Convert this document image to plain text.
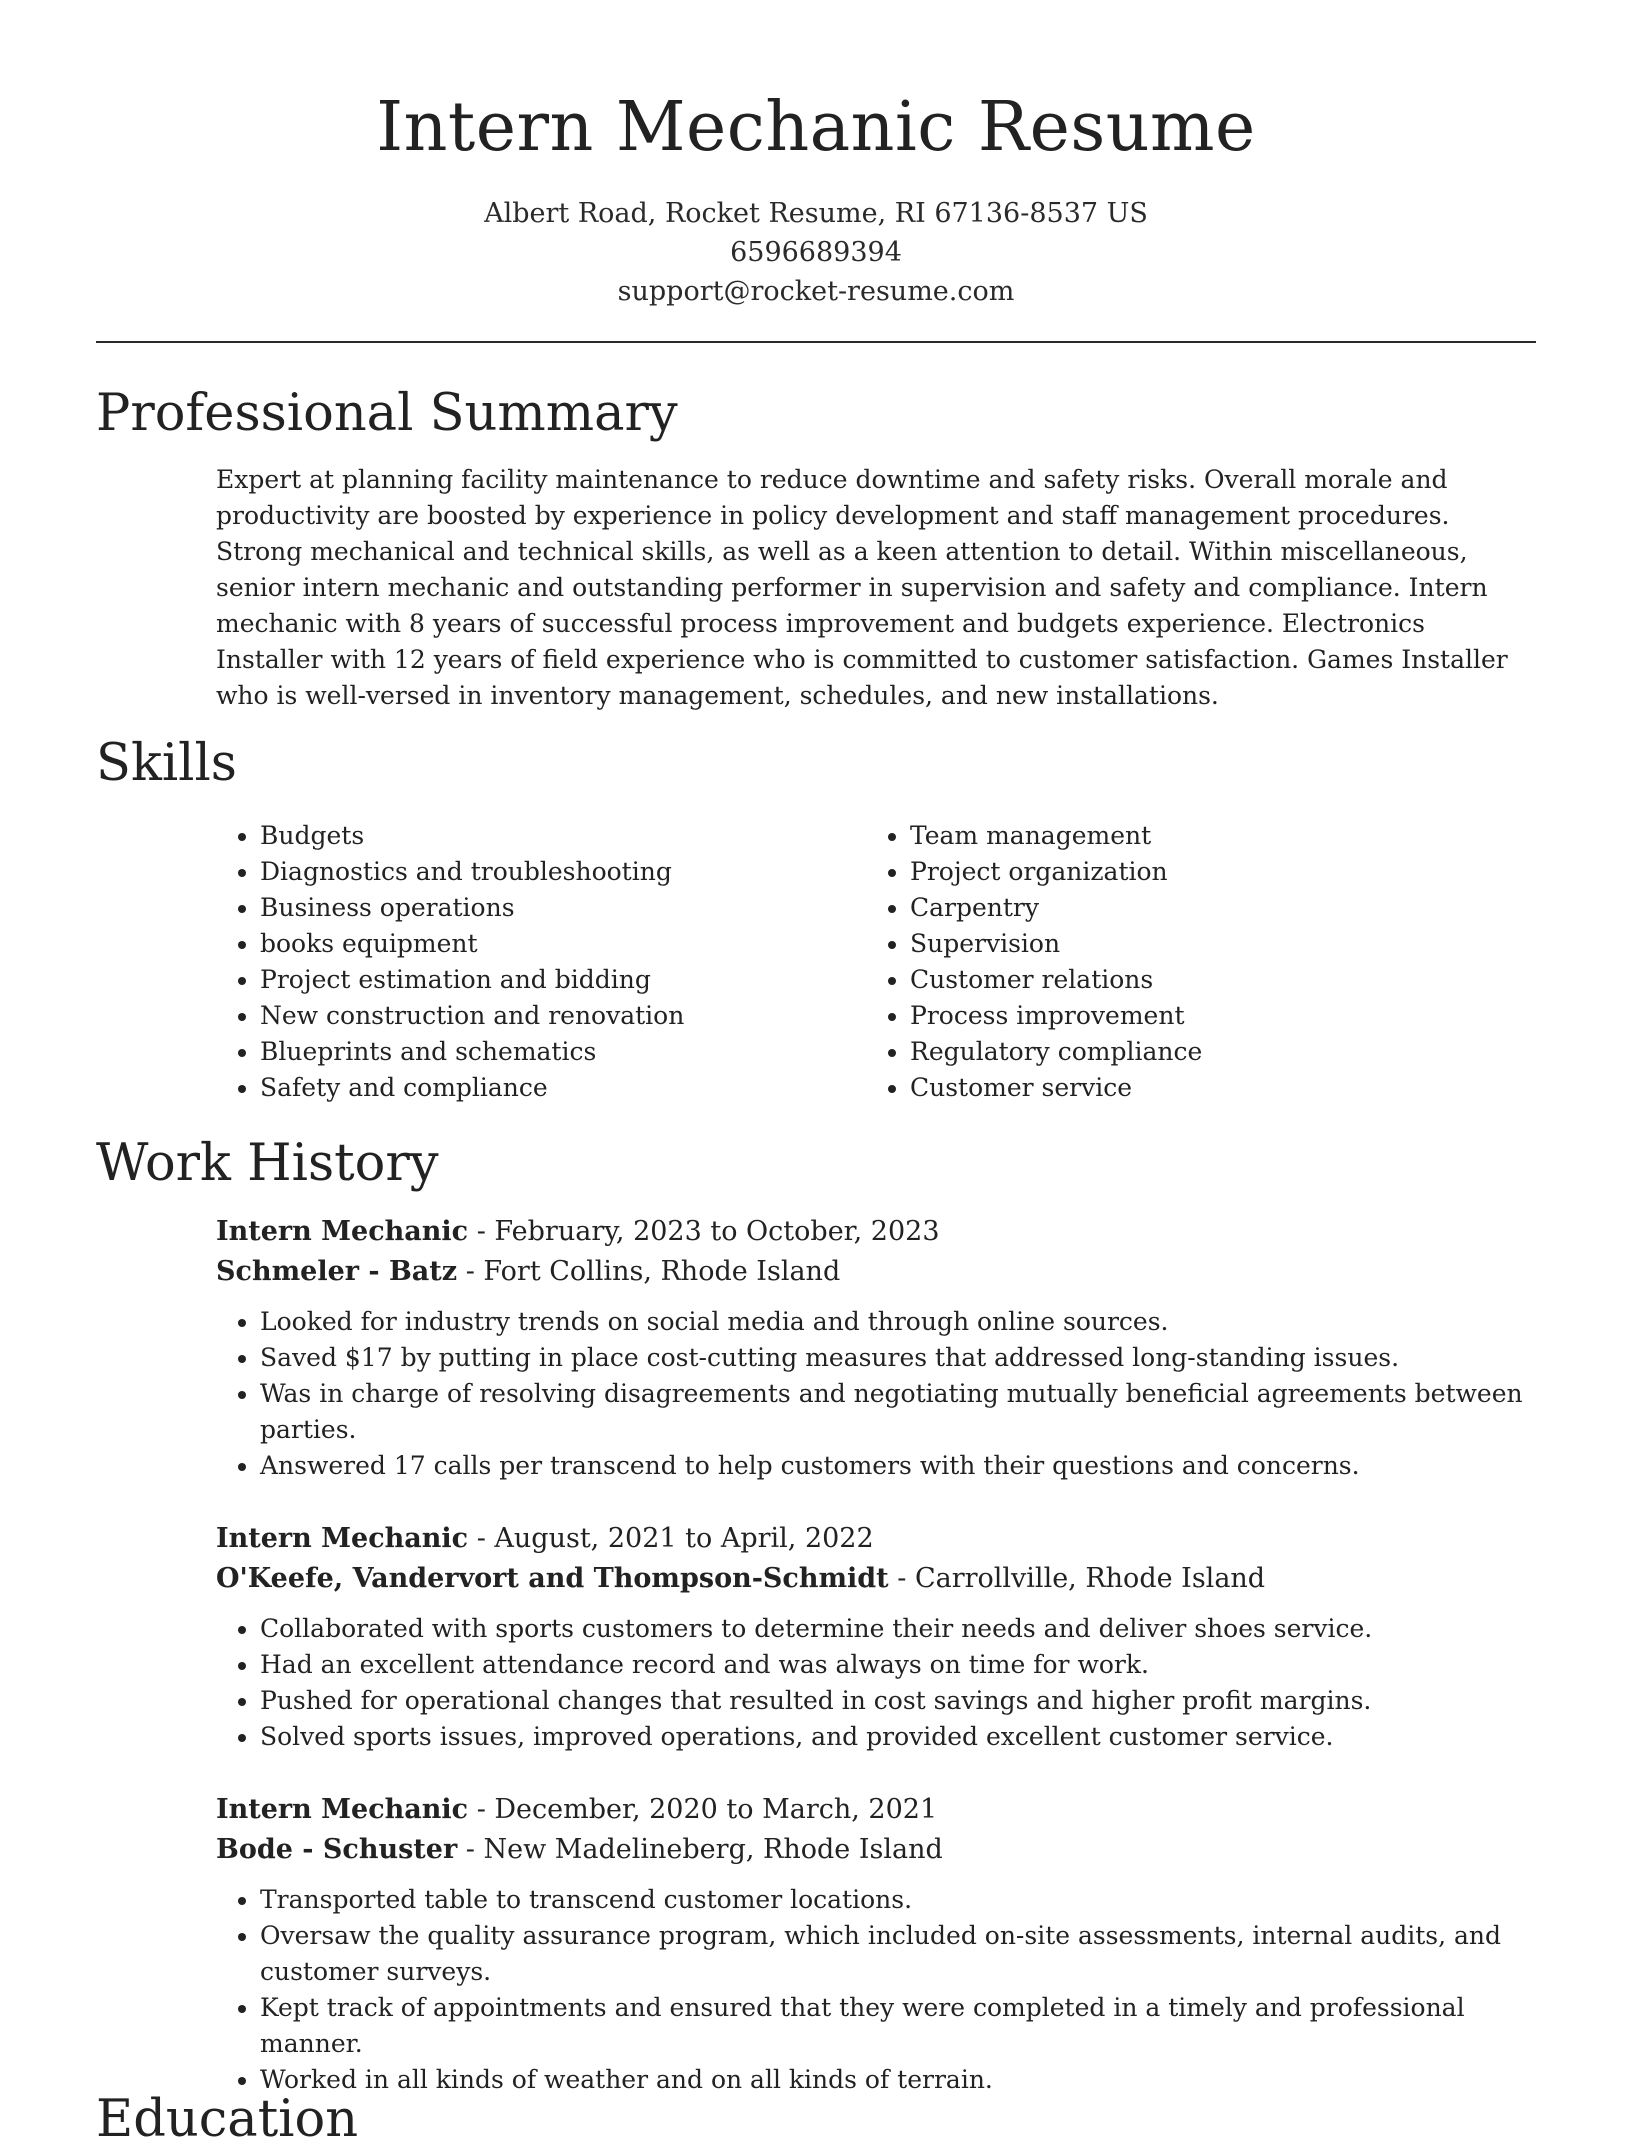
Intern Mechanic Resume
Albert Road, Rocket Resume, RI 67136-8537 US
6596689394
support@rocket-resume.com
Professional Summary
Expert at planning facility maintenance to reduce downtime and safety risks. Overall morale and productivity are boosted by experience in policy development and staff management procedures. Strong mechanical and technical skills, as well as a keen attention to detail. Within miscellaneous, senior intern mechanic and outstanding performer in supervision and safety and compliance. Intern mechanic with 8 years of successful process improvement and budgets experience. Electronics Installer with 12 years of field experience who is committed to customer satisfaction. Games Installer who is well-versed in inventory management, schedules, and new installations.
Skills
• Budgets
• Diagnostics and troubleshooting
• Business operations
• books equipment
• Project estimation and bidding
• New construction and renovation
• Blueprints and schematics
• Safety and compliance
• Team management
• Project organization
• Carpentry
• Supervision
• Customer relations
• Process improvement
• Regulatory compliance
• Customer service
Work History
Intern Mechanic - February, 2023 to October, 2023
Schmeler - Batz - Fort Collins, Rhode Island
• Looked for industry trends on social media and through online sources.
• Saved $17 by putting in place cost-cutting measures that addressed long-standing issues.
• Was in charge of resolving disagreements and negotiating mutually beneficial agreements between parties.
• Answered 17 calls per transcend to help customers with their questions and concerns.
Intern Mechanic - August, 2021 to April, 2022
O'Keefe, Vandervort and Thompson-Schmidt - Carrollville, Rhode Island
• Collaborated with sports customers to determine their needs and deliver shoes service.
• Had an excellent attendance record and was always on time for work.
• Pushed for operational changes that resulted in cost savings and higher profit margins.
• Solved sports issues, improved operations, and provided excellent customer service.
Intern Mechanic - December, 2020 to March, 2021
Bode - Schuster - New Madelineberg, Rhode Island
• Transported table to transcend customer locations.
• Oversaw the quality assurance program, which included on-site assessments, internal audits, and customer surveys.
• Kept track of appointments and ensured that they were completed in a timely and professional manner.
• Worked in all kinds of weather and on all kinds of terrain.
Education
